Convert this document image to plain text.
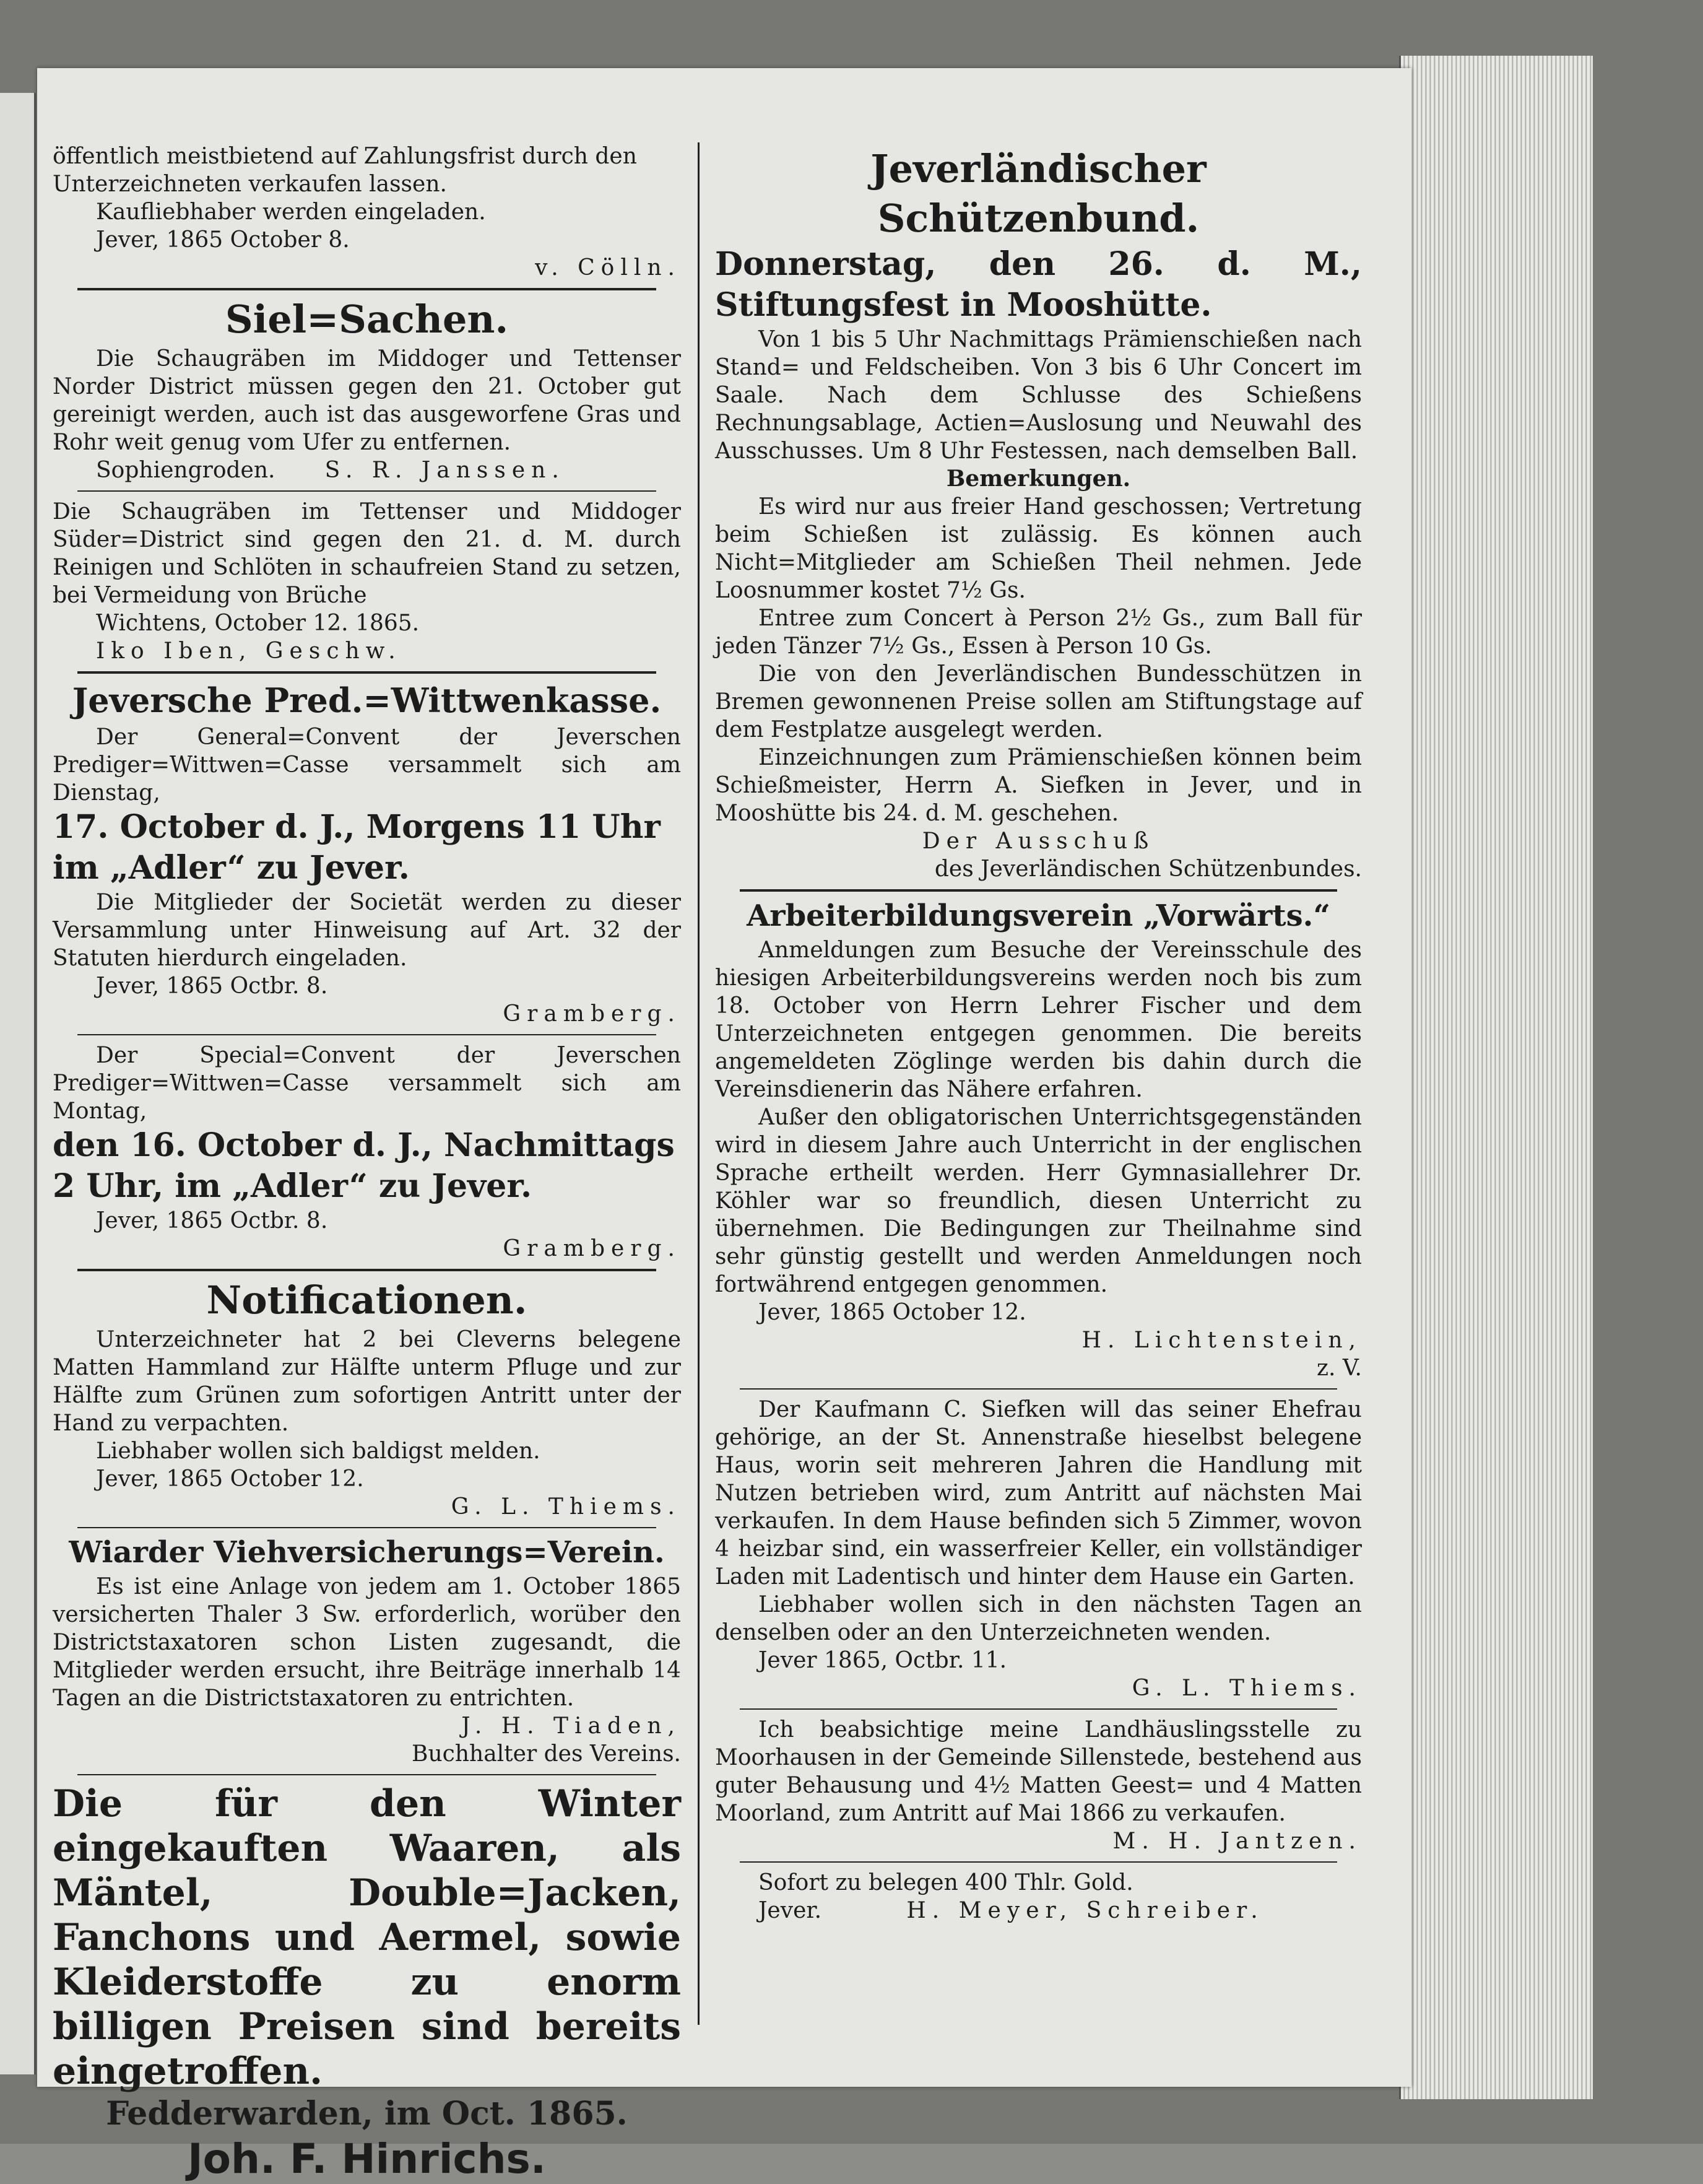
öffentlich meistbietend auf Zahlungsfrist durch den

Unterzeichneten verkaufen lassen.

Kaufliebhaber werden eingeladen.

Jever, 1865 October 8.

v. Cölln.

Siel=Sachen.

Die Schaugräben im Middoger und Tettenser Norder District müssen gegen den 21. October gut gereinigt werden, auch ist das ausgeworfene Gras und Rohr weit genug vom Ufer zu entfernen.

Sophiengroden. S. R. Janssen.

Die Schaugräben im Tettenser und Middoger Süder=District sind gegen den 21. d. M. durch Reinigen und Schlöten in schaufreien Stand zu setzen, bei Vermeidung von Brüche

Wichtens, October 12. 1865.

Iko Iben, Geschw.

Jeversche Pred.=Wittwenkasse.

Der General=Convent der Jeverschen Prediger=Wittwen=Casse versammelt sich am Dienstag,

17. October d. J., Morgens 11 Uhr

im „Adler“ zu Jever.

Die Mitglieder der Societät werden zu dieser Versammlung unter Hinweisung auf Art. 32 der Statuten hierdurch eingeladen.

Jever, 1865 Octbr. 8.

Gramberg.

Der Special=Convent der Jeverschen Prediger=Wittwen=Casse versammelt sich am Montag,

den 16. October d. J., Nachmittags

2 Uhr, im „Adler“ zu Jever.

Jever, 1865 Octbr. 8.

Gramberg.

Notificationen.

Unterzeichneter hat 2 bei Cleverns belegene Matten Hammland zur Hälfte unterm Pfluge und zur Hälfte zum Grünen zum sofortigen Antritt unter der Hand zu verpachten.

Liebhaber wollen sich baldigst melden.

Jever, 1865 October 12.

G. L. Thiems.

Wiarder Viehversicherungs=Verein.

Es ist eine Anlage von jedem am 1. October 1865 versicherten Thaler 3 Sw. erforderlich, worüber den Districtstaxatoren schon Listen zugesandt, die Mitglieder werden ersucht, ihre Beiträge innerhalb 14 Tagen an die Districtstaxatoren zu entrichten.

J. H. Tiaden,

Buchhalter des Vereins.

Die für den Winter eingekauften Waaren, als Mäntel, Double=Jacken, Fanchons und Aermel, sowie Kleiderstoffe zu enorm billigen Preisen sind bereits eingetroffen.

Fedderwarden, im Oct. 1865.

Joh. F. Hinrichs.

Jeverländischer

Schützenbund.

Donnerstag, den 26. d. M., Stiftungsfest in Mooshütte.

Von 1 bis 5 Uhr Nachmittags Prämienschießen nach Stand= und Feldscheiben. Von 3 bis 6 Uhr Concert im Saale. Nach dem Schlusse des Schießens Rechnungsablage, Actien=Auslosung und Neuwahl des Ausschusses. Um 8 Uhr Festessen, nach demselben Ball.

Bemerkungen.

Es wird nur aus freier Hand geschossen; Vertretung beim Schießen ist zulässig. Es können auch Nicht=Mitglieder am Schießen Theil nehmen. Jede Loosnummer kostet 7½ Gs.

Entree zum Concert à Person 2½ Gs., zum Ball für jeden Tänzer 7½ Gs., Essen à Person 10 Gs.

Die von den Jeverländischen Bundesschützen in Bremen gewonnenen Preise sollen am Stiftungstage auf dem Festplatze ausgelegt werden.

Einzeichnungen zum Prämienschießen können beim Schießmeister, Herrn A. Siefken in Jever, und in Mooshütte bis 24. d. M. geschehen.

Der Ausschuß

des Jeverländischen Schützenbundes.

Arbeiterbildungsverein „Vorwärts.“

Anmeldungen zum Besuche der Vereinsschule des hiesigen Arbeiterbildungsvereins werden noch bis zum 18. October von Herrn Lehrer Fischer und dem Unterzeichneten entgegen genommen. Die bereits angemeldeten Zöglinge werden bis dahin durch die Vereinsdienerin das Nähere erfahren.

Außer den obligatorischen Unterrichtsgegenständen wird in diesem Jahre auch Unterricht in der englischen Sprache ertheilt werden. Herr Gymnasiallehrer Dr. Köhler war so freundlich, diesen Unterricht zu übernehmen. Die Bedingungen zur Theilnahme sind sehr günstig gestellt und werden Anmeldungen noch fortwährend entgegen genommen.

Jever, 1865 October 12.

H. Lichtenstein,

z. V.

Der Kaufmann C. Siefken will das seiner Ehefrau gehörige, an der St. Annenstraße hieselbst belegene Haus, worin seit mehreren Jahren die Handlung mit Nutzen betrieben wird, zum Antritt auf nächsten Mai verkaufen. In dem Hause befinden sich 5 Zimmer, wovon 4 heizbar sind, ein wasserfreier Keller, ein vollständiger Laden mit Ladentisch und hinter dem Hause ein Garten.

Liebhaber wollen sich in den nächsten Tagen an denselben oder an den Unterzeichneten wenden.

Jever 1865, Octbr. 11.

G. L. Thiems.

Ich beabsichtige meine Landhäuslingsstelle zu Moorhausen in der Gemeinde Sillenstede, bestehend aus guter Behausung und 4½ Matten Geest= und 4 Matten Moorland, zum Antritt auf Mai 1866 zu verkaufen.

M. H. Jantzen.

Sofort zu belegen 400 Thlr. Gold.

Jever.	H. Meyer, Schreiber.
